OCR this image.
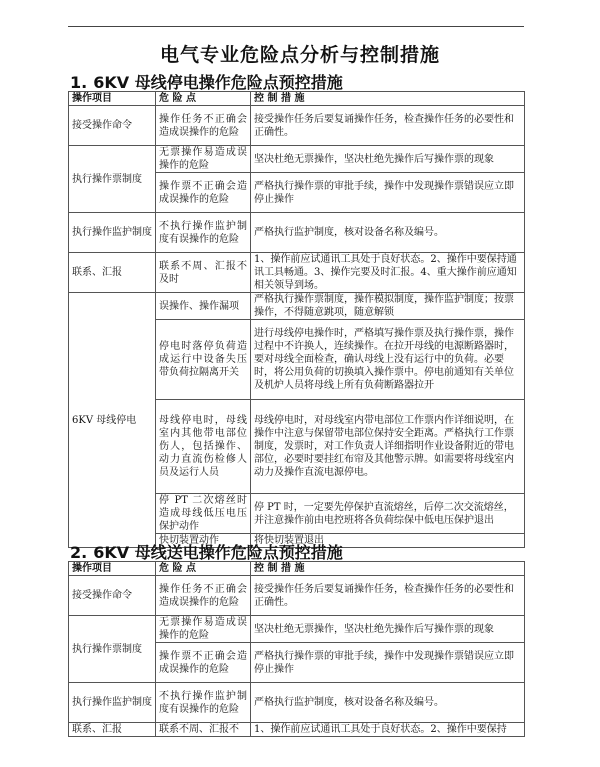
电气专业危险点分析与控制措施
1. 6KV 母线停电操作危险点预控措施
操作项目	危 险 点	控 制 措 施
接受操作命令	操作任务不正确会造成误操作的危险	接受操作任务后要复诵操作任务，检查操作任务的必要性和正确性。
执行操作票制度	无票操作易造成误操作的危险	坚决杜绝无票操作，坚决杜绝先操作后写操作票的现象
	操作票不正确会造成误操作的危险	严格执行操作票的审批手续，操作中发现操作票错误应立即停止操作
执行操作监护制度	不执行操作监护制度有误操作的危险	严格执行监护制度，核对设备名称及编号。
联系、汇报	联系不周、汇报不及时	1、操作前应试通讯工具处于良好状态。2、操作中要保持通讯工具畅通。3、操作完要及时汇报。4、重大操作前应通知相关领导到场。
6KV 母线停电	误操作、操作漏项	严格执行操作票制度，操作模拟制度，操作监护制度；按票操作，不得随意跳项，随意解锁
	停电时落停负荷造成运行中设备失压带负荷拉隔离开关	进行母线停电操作时，严格填写操作票及执行操作票，操作过程中不许换人，连续操作。在拉开母线的电源断路器时，要对母线全面检查，确认母线上没有运行中的负荷。必要时，将公用负荷的切换填入操作票中。停电前通知有关单位及机炉人员将母线上所有负荷断路器拉开
	母线停电时，母线室内其他带电部位伤人，包括操作、动力直流伤检修人员及运行人员	母线停电时，对母线室内带电部位工作票内作详细说明，在操作中注意与保留带电部位保持安全距离。严格执行工作票制度，发票时，对工作负责人详细指明作业设备附近的带电部位，必要时要挂红布帘及其他警示牌。如需要将母线室内动力及操作直流电源停电。
	停 PT 二次熔丝时造成母线低压电压保护动作	停 PT 时，一定要先停保护直流熔丝，后停二次交流熔丝，并注意操作前由电控班将各负荷综保中低电压保护退出
	快切装置动作	将快切装置退出
2. 6KV 母线送电操作危险点预控措施
操作项目	危 险 点	控 制 措 施
接受操作命令	操作任务不正确会造成误操作的危险	接受操作任务后要复诵操作任务，检查操作任务的必要性和正确性。
执行操作票制度	无票操作易造成误操作的危险	坚决杜绝无票操作，坚决杜绝先操作后写操作票的现象
	操作票不正确会造成误操作的危险	严格执行操作票的审批手续，操作中发现操作票错误应立即停止操作
执行操作监护制度	不执行操作监护制度有误操作的危险	严格执行监护制度，核对设备名称及编号。
联系、汇报	联系不周、汇报不	1、操作前应试通讯工具处于良好状态。2、操作中要保持
